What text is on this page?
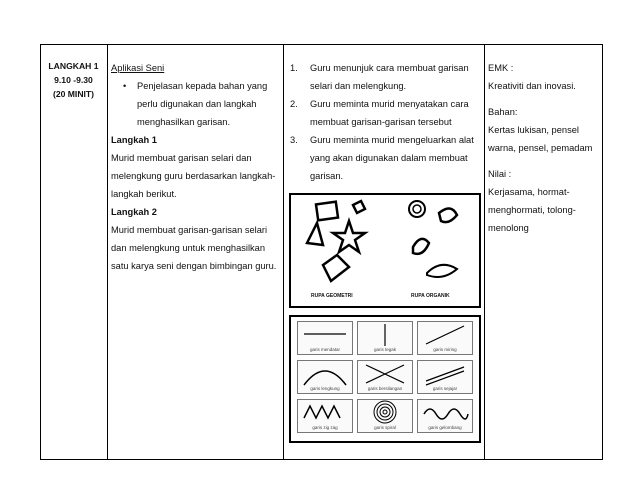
LANGKAH 1
9.10 -9.30
(20 MINIT)
Aplikasi Seni
•	Penjelasan kepada bahan yang perlu digunakan dan langkah menghasilkan garisan.
Langkah 1
Murid membuat garisan selari dan melengkung guru berdasarkan langkah-langkah berikut.
Langkah 2
Murid membuat garisan-garisan selari dan melengkung untuk menghasilkan satu karya seni dengan bimbingan guru.
1.	Guru menunjuk cara membuat garisan selari dan melengkung.
2.	Guru meminta murid menyatakan cara membuat garisan-garisan tersebut
3.	Guru meminta murid mengeluarkan alat yang akan digunakan dalam membuat garisan.
RUPA GEOMETRI	RUPA ORGANIK
garis mendatar	garis tegak	garis miring
garis lengkung	garis bersilangan	garis sejajar
garis zig zag	garis spiral	garis gelombang
EMK :
Kreativiti dan inovasi.
Bahan:
Kertas lukisan, pensel warna, pensel, pemadam
Nilai :
Kerjasama, hormat-menghormati, tolong-menolong
